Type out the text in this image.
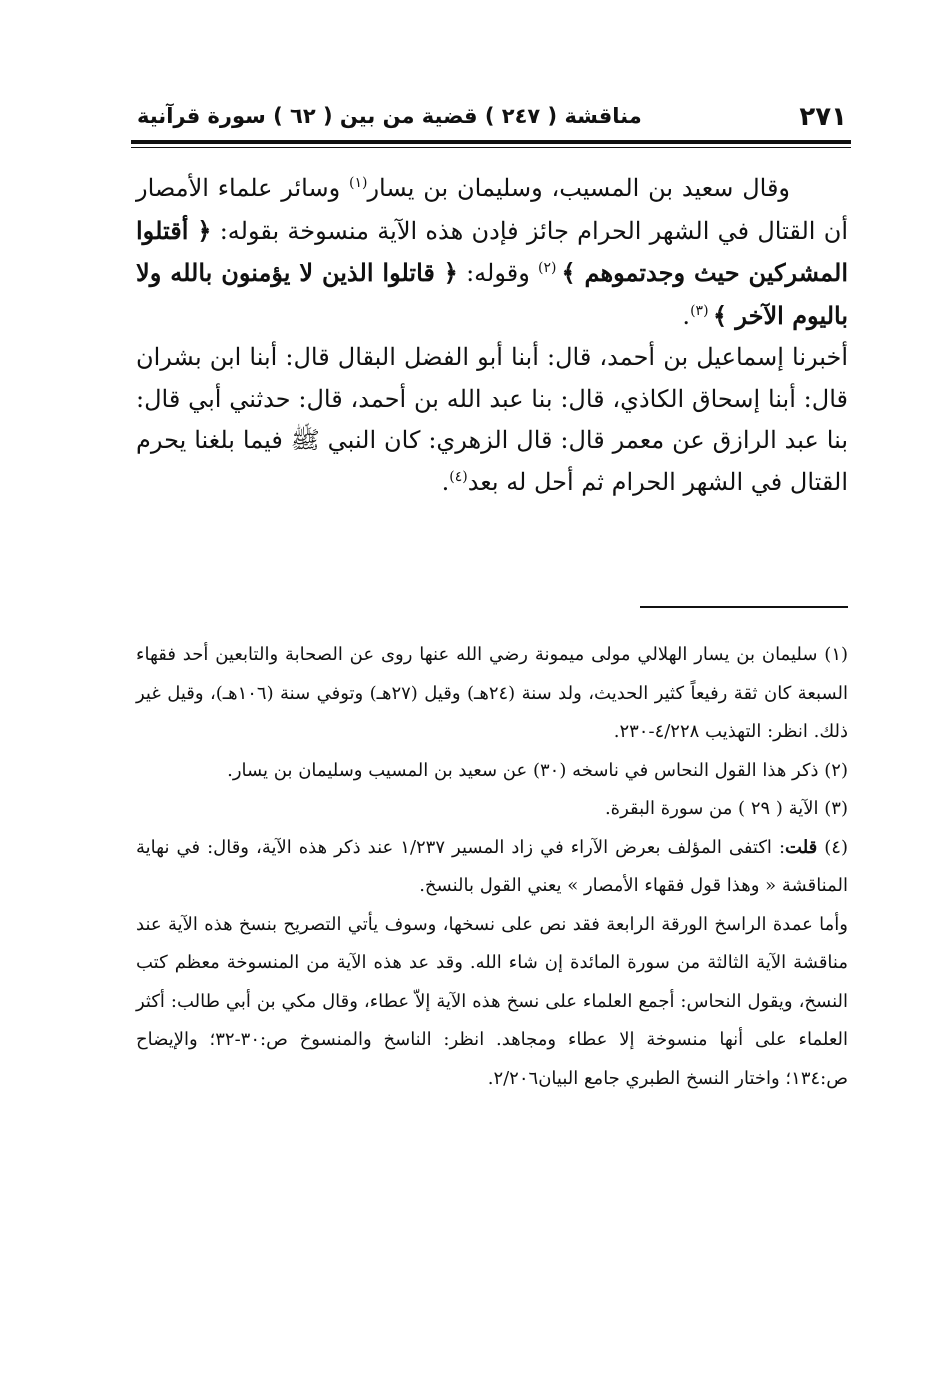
٢٧١
مناقشة ( ٢٤٧ ) قضية من بين ( ٦٢ ) سورة قرآنية

وقال سعيد بن المسيب، وسليمان بن يسار$^{(١)}$ وسائر علماء الأمصار أن القتال في الشهر الحرام جائز فإدن هذه الآية منسوخة بقوله: ﴿ أقتلوا المشركين حيث وجدتموهم ﴾ $^{(٢)}$ وقوله: ﴿ قاتلوا الذين لا يؤمنون بالله ولا باليوم الآخر ﴾ $^{(٣)}$.

أخبرنا إسماعيل بن أحمد، قال: أبنا أبو الفضل البقال قال: أبنا ابن بشران قال: أبنا إسحاق الكاذي، قال: بنا عبد الله بن أحمد، قال: حدثني أبي قال: بنا عبد الرازق عن معمر قال: قال الزهري: كان النبي ﷺ فيما بلغنا يحرم القتال في الشهر الحرام ثم أحل له بعد$^{(٤)}$.

(١) سليمان بن يسار الهلالي مولى ميمونة رضي الله عنها روى عن الصحابة والتابعين أحد فقهاء السبعة كان ثقة رفيعاً كثير الحديث، ولد سنة (٢٤هـ) وقيل (٢٧هـ) وتوفي سنة (١٠٦هـ)، وقيل غير ذلك. انظر: التهذيب ٤/٢٢٨-٢٣٠.

(٢) ذكر هذا القول النحاس في ناسخه (٣٠) عن سعيد بن المسيب وسليمان بن يسار.

(٣) الآية ( ٢٩ ) من سورة البقرة.

(٤) قلت: اكتفى المؤلف بعرض الآراء في زاد المسير ١/٢٣٧ عند ذكر هذه الآية، وقال: في نهاية المناقشة « وهذا قول فقهاء الأمصار » يعني القول بالنسخ.

وأما عمدة الراسخ الورقة الرابعة فقد نص على نسخها، وسوف يأتي التصريح بنسخ هذه الآية عند مناقشة الآية الثالثة من سورة المائدة إن شاء الله. وقد عد هذه الآية من المنسوخة معظم كتب النسخ، ويقول النحاس: أجمع العلماء على نسخ هذه الآية إلاّ عطاء، وقال مكي بن أبي طالب: أكثر العلماء على أنها منسوخة إلا عطاء ومجاهد. انظر: الناسخ والمنسوخ ص:٣٠-٣٢؛ والإيضاح ص:١٣٤؛ واختار النسخ الطبري جامع البيان٢/٢٠٦.
